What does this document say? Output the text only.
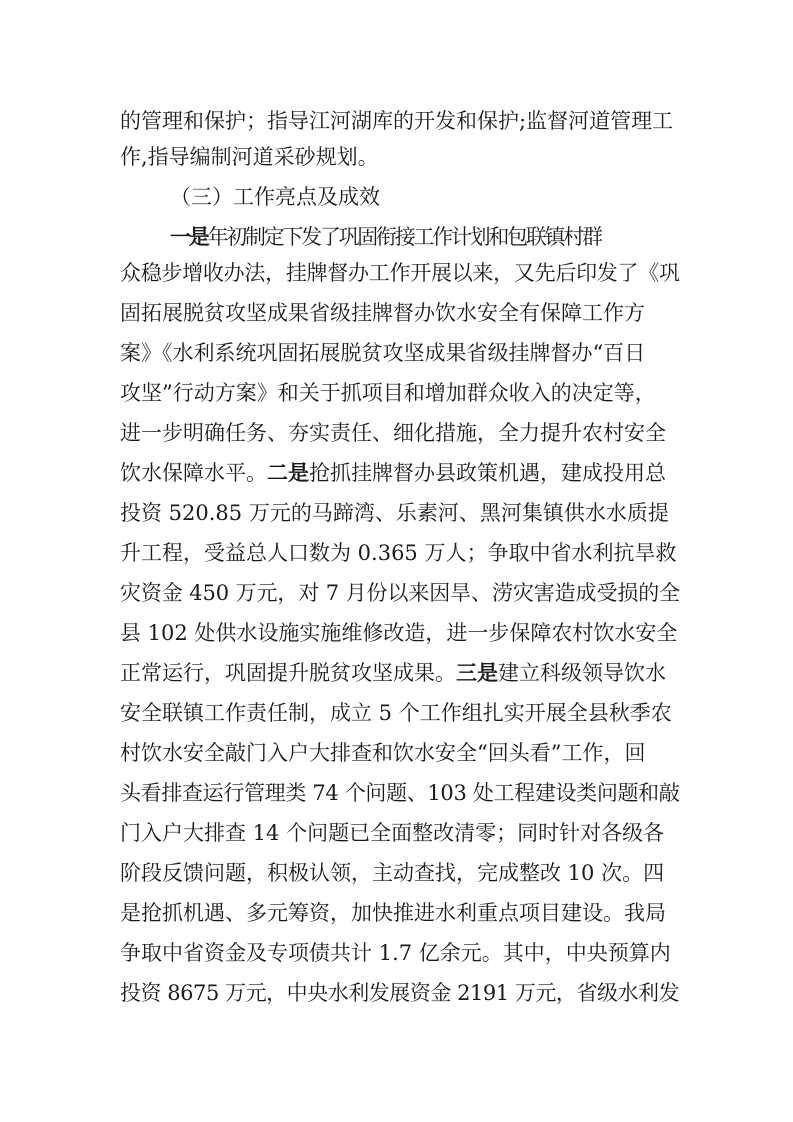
的管理和保护；指导江河湖库的开发和保护;监督河道管理工
作,指导编制河道采砂规划。
（三）工作亮点及成效
一是年初制定下发了巩固衔接工作计划和包联镇村群
众稳步增收办法，挂牌督办工作开展以来，又先后印发了《巩
固拓展脱贫攻坚成果省级挂牌督办饮水安全有保障工作方
案》《水利系统巩固拓展脱贫攻坚成果省级挂牌督办“百日
攻坚”行动方案》和关于抓项目和增加群众收入的决定等，
进一步明确任务、夯实责任、细化措施，全力提升农村安全
饮水保障水平。二是抢抓挂牌督办县政策机遇，建成投用总
投资 520.85 万元的马蹄湾、乐素河、黑河集镇供水水质提
升工程，受益总人口数为 0.365 万人；争取中省水利抗旱救
灾资金 450 万元，对 7 月份以来因旱、涝灾害造成受损的全
县 102 处供水设施实施维修改造，进一步保障农村饮水安全
正常运行，巩固提升脱贫攻坚成果。三是建立科级领导饮水
安全联镇工作责任制，成立 5 个工作组扎实开展全县秋季农
村饮水安全敲门入户大排查和饮水安全“回头看”工作，回
头看排查运行管理类 74 个问题、103 处工程建设类问题和敲
门入户大排查 14 个问题已全面整改清零；同时针对各级各
阶段反馈问题，积极认领，主动查找，完成整改 10 次。四
是抢抓机遇、多元筹资，加快推进水利重点项目建设。我局
争取中省资金及专项债共计 1.7 亿余元。其中，中央预算内
投资 8675 万元，中央水利发展资金 2191 万元，省级水利发
